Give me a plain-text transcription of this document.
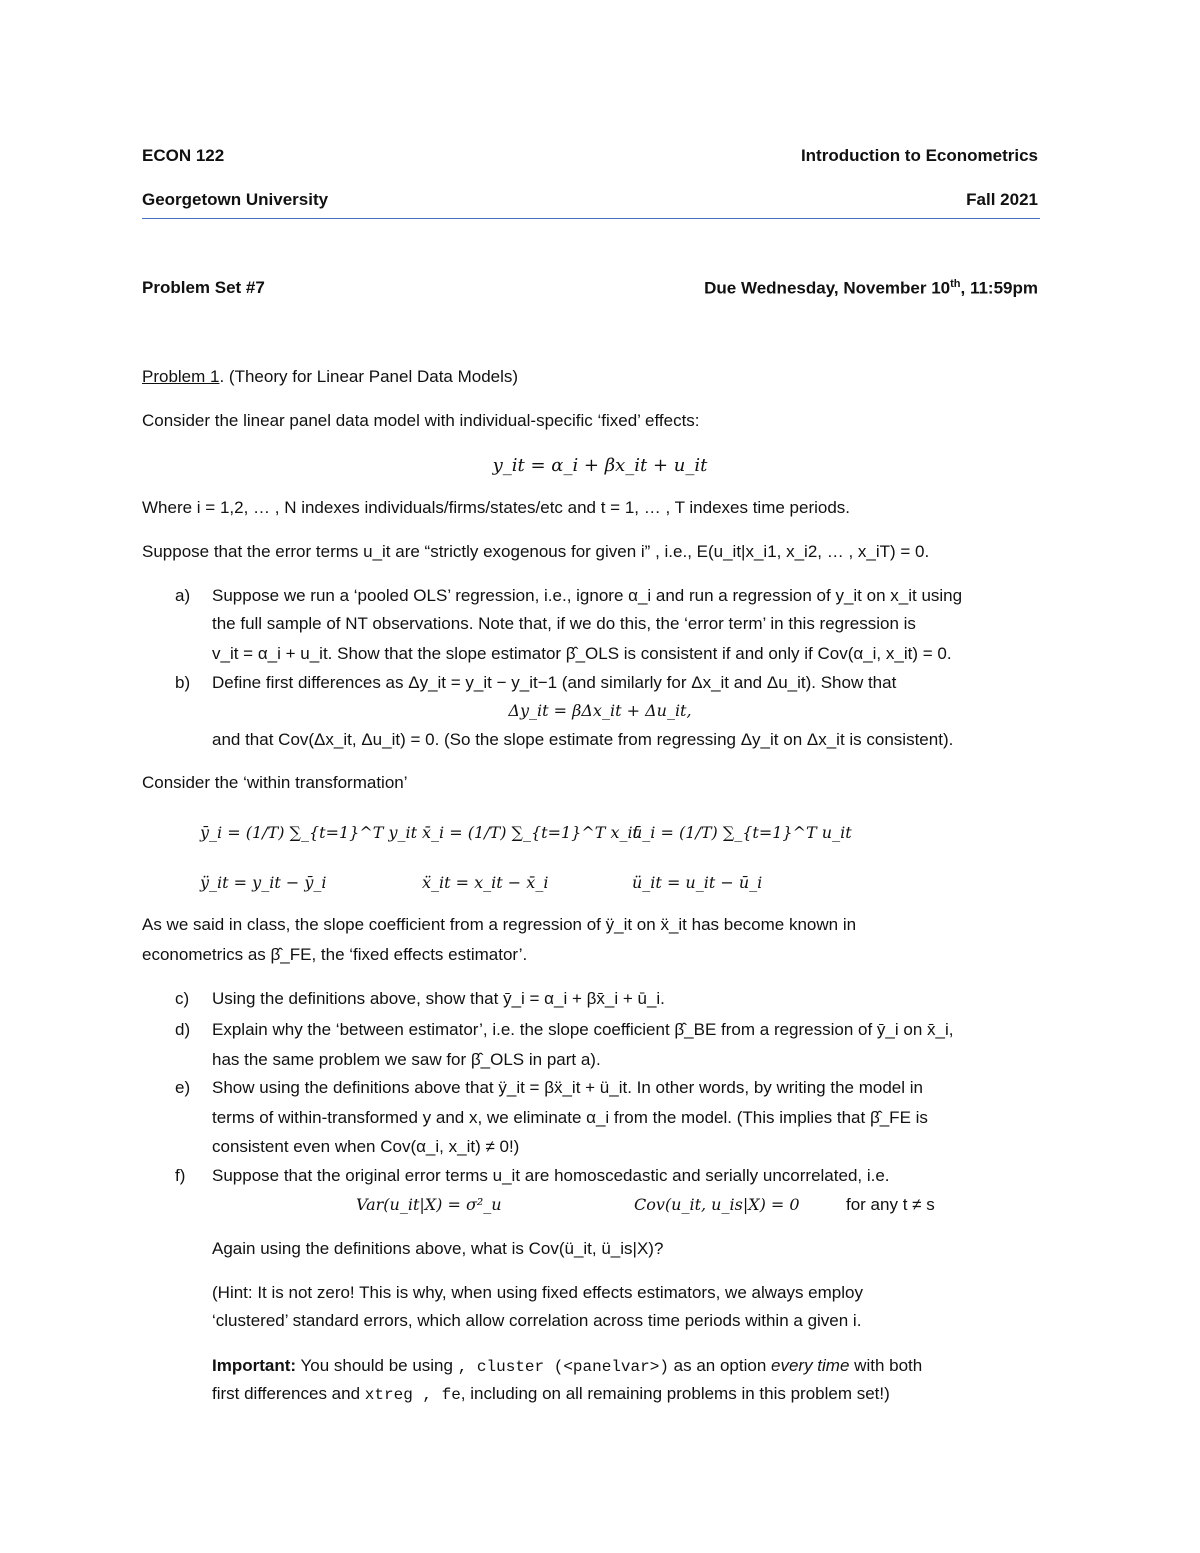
ECON 122	Introduction to Econometrics
Georgetown University	Fall 2021
Problem Set #7	Due Wednesday, November 10th, 11:59pm
Problem 1. (Theory for Linear Panel Data Models)
Consider the linear panel data model with individual-specific ‘fixed’ effects:
y_it = α_i + βx_it + u_it
Where i = 1,2, … , N indexes individuals/firms/states/etc and t = 1, … , T indexes time periods.
Suppose that the error terms u_it are “strictly exogenous for given i” , i.e., E(u_it|x_i1, x_i2, … , x_iT) = 0.
a) Suppose we run a ‘pooled OLS’ regression, i.e., ignore α_i and run a regression of y_it on x_it using
the full sample of NT observations. Note that, if we do this, the ‘error term’ in this regression is
v_it = α_i + u_it. Show that the slope estimator β̂_OLS is consistent if and only if Cov(α_i, x_it) = 0.
b) Define first differences as Δy_it = y_it − y_it−1 (and similarly for Δx_it and Δu_it). Show that
Δy_it = βΔx_it + Δu_it,
and that Cov(Δx_it, Δu_it) = 0. (So the slope estimate from regressing Δy_it on Δx_it is consistent).
Consider the ‘within transformation’
ȳ_i = (1/T) ∑_{t=1}^T y_it x̄_i = (1/T) ∑_{t=1}^T x_it
ū_i = (1/T) ∑_{t=1}^T u_it
ÿ_it = y_it − ȳ_i	ẍ_it = x_it − x̄_i	ü_it = u_it − ū_i
As we said in class, the slope coefficient from a regression of ÿ_it on ẍ_it has become known in
econometrics as β̂_FE, the ‘fixed effects estimator’.
c) Using the definitions above, show that ȳ_i = α_i + βx̄_i + ū_i.
d) Explain why the ‘between estimator’, i.e. the slope coefficient β̂_BE from a regression of ȳ_i on x̄_i,
has the same problem we saw for β̂_OLS in part a).
e) Show using the definitions above that ÿ_it = βẍ_it + ü_it. In other words, by writing the model in
terms of within-transformed y and x, we eliminate α_i from the model. (This implies that β̂_FE is
consistent even when Cov(α_i, x_it) ≠ 0!)
f) Suppose that the original error terms u_it are homoscedastic and serially uncorrelated, i.e.
Var(u_it|X) = σ²_u	Cov(u_it, u_is|X) = 0	for any t ≠ s
Again using the definitions above, what is Cov(ü_it, ü_is|X)?
(Hint: It is not zero! This is why, when using fixed effects estimators, we always employ
‘clustered’ standard errors, which allow correlation across time periods within a given i.
Important: You should be using , cluster (<panelvar>) as an option every time with both
first differences and xtreg , fe, including on all remaining problems in this problem set!)
